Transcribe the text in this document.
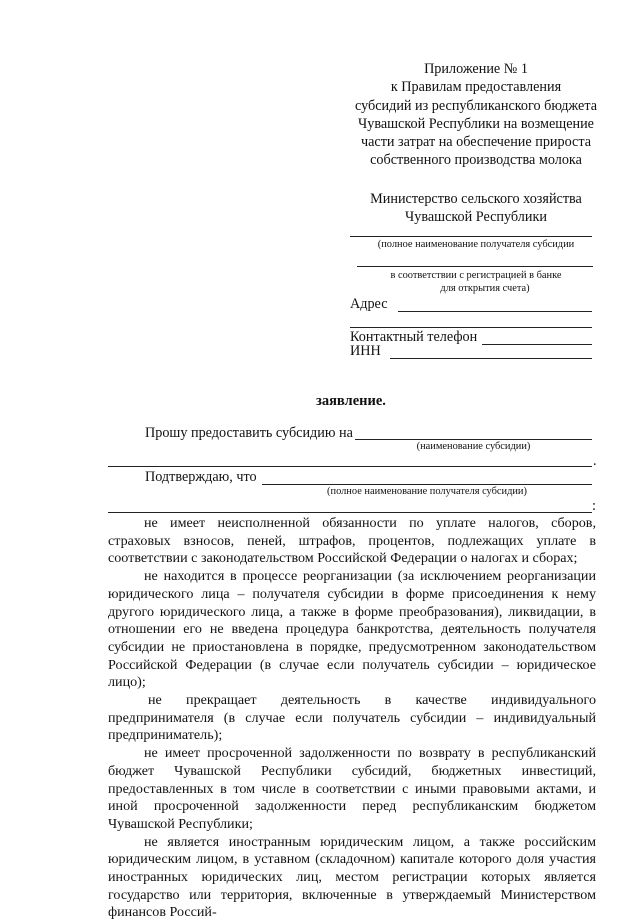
Приложение № 1
к Правилам предоставления
субсидий из республиканского бюджета
Чувашской Республики на возмещение
части затрат на обеспечение прироста
собственного производства молока
Министерство сельского хозяйства
Чувашской Республики
(полное наименование получателя субсидии
в соответствии с регистрацией в банке
для открытия счета)
Адрес
Контактный телефон
ИНН
заявление.
Прошу предоставить субсидию на
(наименование субсидии)
.
Подтверждаю, что
(полное наименование получателя субсидии)
:

не имеет неисполненной обязанности по уплате налогов, сборов, страховых взносов, пеней, штрафов, процентов, подлежащих уплате в соответствии с законодательством Российской Федерации о налогах и сборах;

не находится в процессе реорганизации (за исключением реорганизации юридического лица – получателя субсидии в форме присоединения к нему другого юридического лица, а также в форме преобразования), ликвидации, в отношении его не введена процедура банкротства, деятельность получателя субсидии не приостановлена в порядке, предусмотренном законодательством Российской Федерации (в случае если получатель субсидии – юридическое лицо);

не прекращает деятельность в качестве индивидуального предпринимателя (в случае если получатель субсидии – индивидуальный предприниматель);

не имеет просроченной задолженности по возврату в республиканский бюджет Чувашской Республики субсидий, бюджетных инвестиций, предоставленных в том числе в соответствии с иными правовыми актами, и иной просроченной задолженности перед республиканским бюджетом Чувашской Республики;

не является иностранным юридическим лицом, а также российским юридическим лицом, в уставном (складочном) капитале которого доля участия иностранных юридических лиц, местом регистрации которых является государство или территория, включенные в утверждаемый Министерством финансов Россий-
